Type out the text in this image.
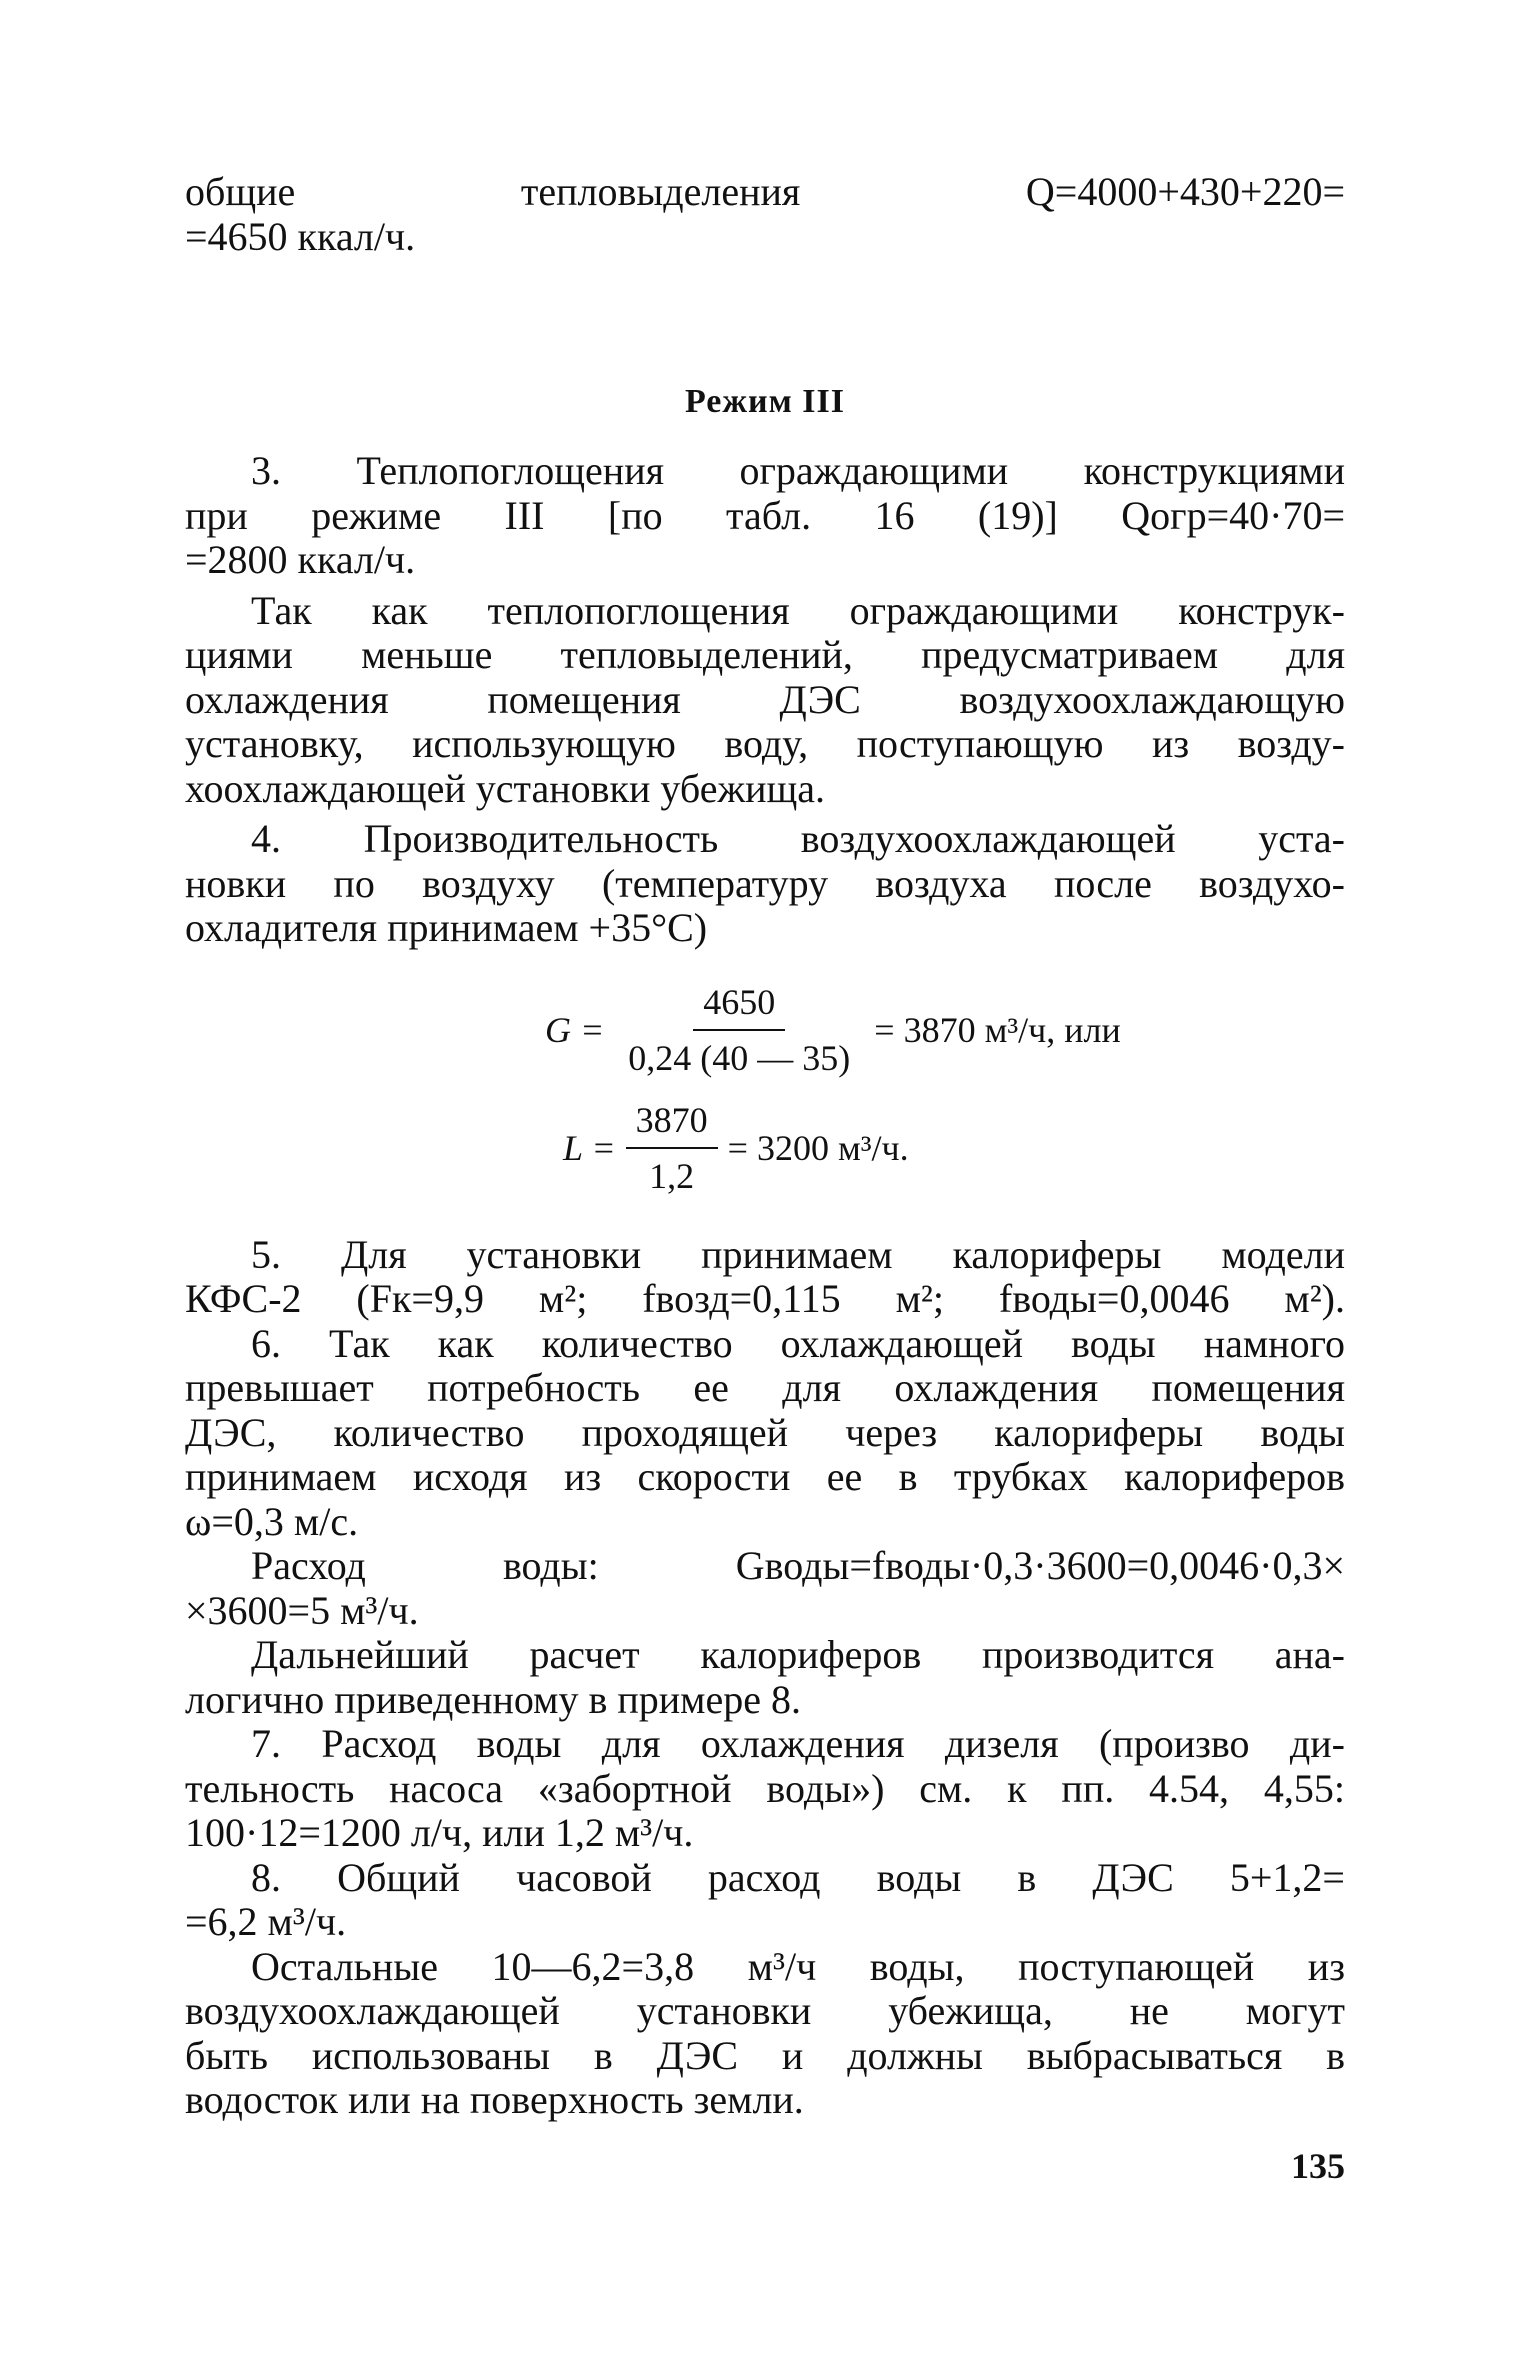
общие тепловыделения Q=4000+430+220=
=4650 ккал/ч.
Режим III
3. Теплопоглощения ограждающими конструкциями
при режиме III [по табл. 16 (19)] Qогр=40·70=
=2800 ккал/ч.
Так как теплопоглощения ограждающими конструк-
циями меньше тепловыделений, предусматриваем для
охлаждения помещения ДЭС воздухоохлаждающую
установку, использующую воду, поступающую из возду-
хоохлаждающей установки убежища.
4. Производительность воздухоохлаждающей уста-
новки по воздуху (температуру воздуха после воздухо-
охладителя принимаем +35°С)
$G = \frac{4650}{0,24 (40 — 35)} = 3870$ м³/ч, или
$L = \frac{3870}{1,2} = 3200$ м³/ч.
5. Для установки принимаем калориферы модели
КФС-2 (Fк=9,9 м²; fвозд=0,115 м²; fводы=0,0046 м²).
6. Так как количество охлаждающей воды намного
превышает потребность ее для охлаждения помещения
ДЭС, количество проходящей через калориферы воды
принимаем исходя из скорости ее в трубках калориферов
ω=0,3 м/с.
Расход воды: Gводы=fводы·0,3·3600=0,0046·0,3×
×3600=5 м³/ч.
Дальнейший расчет калориферов производится ана-
логично приведенному в примере 8.
7. Расход воды для охлаждения дизеля (произво ди-
тельность насоса «забортной воды») см. к пп. 4.54, 4,55:
100·12=1200 л/ч, или 1,2 м³/ч.
8. Общий часовой расход воды в ДЭС 5+1,2=
=6,2 м³/ч.
Остальные 10—6,2=3,8 м³/ч воды, поступающей из
воздухоохлаждающей установки убежища, не могут
быть использованы в ДЭС и должны выбрасываться в
водосток или на поверхность земли.
135
